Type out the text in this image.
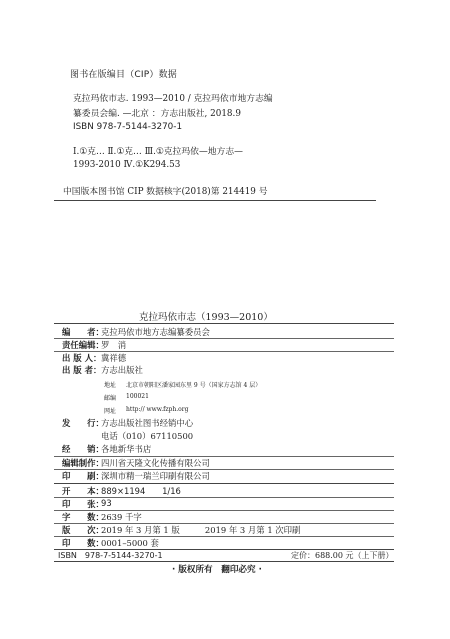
图书在版编目（CIP）数据
克拉玛依市志. 1993—2010 / 克拉玛依市地方志编
纂委员会编. —北京 ：方志出版社, 2018.9
ISBN 978-7-5144-3270-1
Ⅰ.①克… Ⅱ.①克… Ⅲ.①克拉玛依—地方志—
1993-2010 Ⅳ.①K294.53
中国版本图书馆 CIP 数据核字(2018)第 214419 号
克拉玛依市志（1993—2010）
编　　者：
克拉玛依市地方志编纂委员会
责任编辑：
罗　消
出 版 人： 冀祥德
出 版 者： 方志出版社
地址 北京市朝阳区潘家园东里 9 号（国家方志馆 4 层）
邮编 100021
网址 http:// www.fzph.org
发　　行：
方志出版社图书经销中心
电话（010）67110500
经　　销：
各地新华书店
编辑制作：
四川省天隆文化传播有限公司
印　　刷：
深圳市精一瑞兰印刷有限公司
开　　本：
889×1194　　1/16
印　　张：
93
字　　数：
2639 千字
版　　次：
2019 年 3 月第 1 版　　　2019 年 3 月第 1 次印刷
印　　数：
0001–5000 套
ISBN　978-7-5144-3270-1	定价：688.00 元（上下册）
· 版权所有　翻印必究 ·
